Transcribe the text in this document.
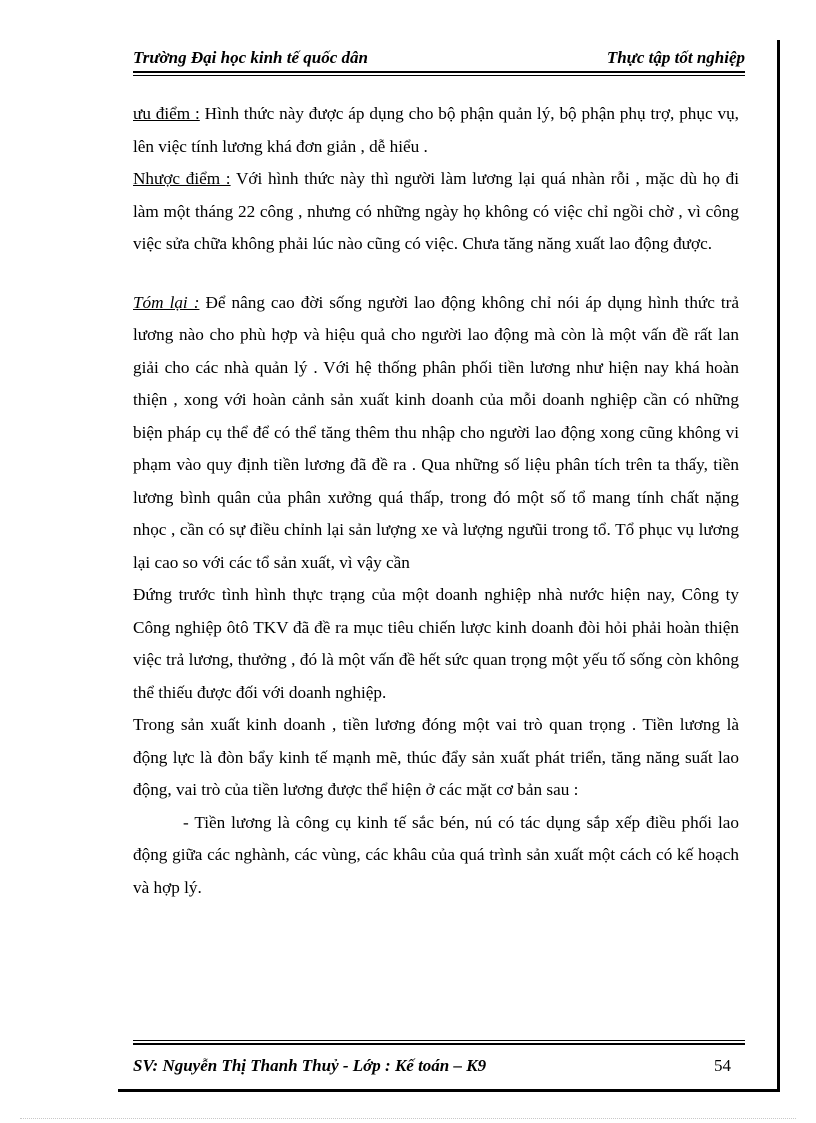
Trường Đại học kinh tế quốc dân	Thực tập tốt nghiệp

ưu điểm : Hình thức này được áp dụng cho bộ phận quản lý, bộ phận phụ trợ, phục vụ, lên việc tính lương khá đơn giản , dễ hiểu .

Nhược điểm : Với hình thức này thì người làm lương lại quá nhàn rỗi , mặc dù họ đi làm một tháng 22 công , nhưng có những ngày họ không có việc chỉ ngồi chờ , vì công việc sửa chữa không phải lúc nào cũng có việc. Chưa tăng năng xuất lao động được.

Tóm lại : Để nâng cao đời sống người lao động không chỉ nói áp dụng hình thức trả lương nào cho phù hợp và hiệu quả cho người lao động mà còn là một vấn đề rất lan giải cho các nhà quản lý . Với hệ thống phân phối tiền lương như hiện nay khá hoàn thiện , xong với hoàn cảnh sản xuất kinh doanh của mỗi doanh nghiệp cần có những biện pháp cụ thể để có thể tăng thêm thu nhập cho người lao động xong cũng không vi phạm vào quy định tiền lương đã đề ra . Qua những số liệu phân tích trên ta thấy, tiền lương bình quân của phân xưởng quá thấp, trong đó một số tổ mang tính chất nặng nhọc , cần có sự điều chỉnh lại sản lượng xe và lượng ngưũi trong tổ. Tổ phục vụ lương lại cao so với các tổ sản xuất, vì vậy cần

Đứng trước tình hình thực trạng của một doanh nghiệp nhà nước hiện nay, Công ty Công nghiệp ôtô TKV đã đề ra mục tiêu chiến lược kinh doanh đòi hỏi phải hoàn thiện việc trả lương, thưởng , đó là một vấn đề hết sức quan trọng một yếu tố sống còn không thể thiếu được đối với doanh nghiệp.

Trong sản xuất kinh doanh , tiền lương đóng một vai trò quan trọng . Tiền lương là động lực là đòn bẩy kinh tế mạnh mẽ, thúc đẩy sản xuất phát triển, tăng năng suất lao động, vai trò của tiền lương được thể hiện ở các mặt cơ bản sau :

- Tiền lương là công cụ kinh tế sắc bén, nú có tác dụng sắp xếp điều phối lao động giữa các nghành, các vùng, các khâu của quá trình sản xuất một cách có kế hoạch và hợp lý.

SV: Nguyễn Thị Thanh Thuỷ - Lớp : Kế toán – K9	54
